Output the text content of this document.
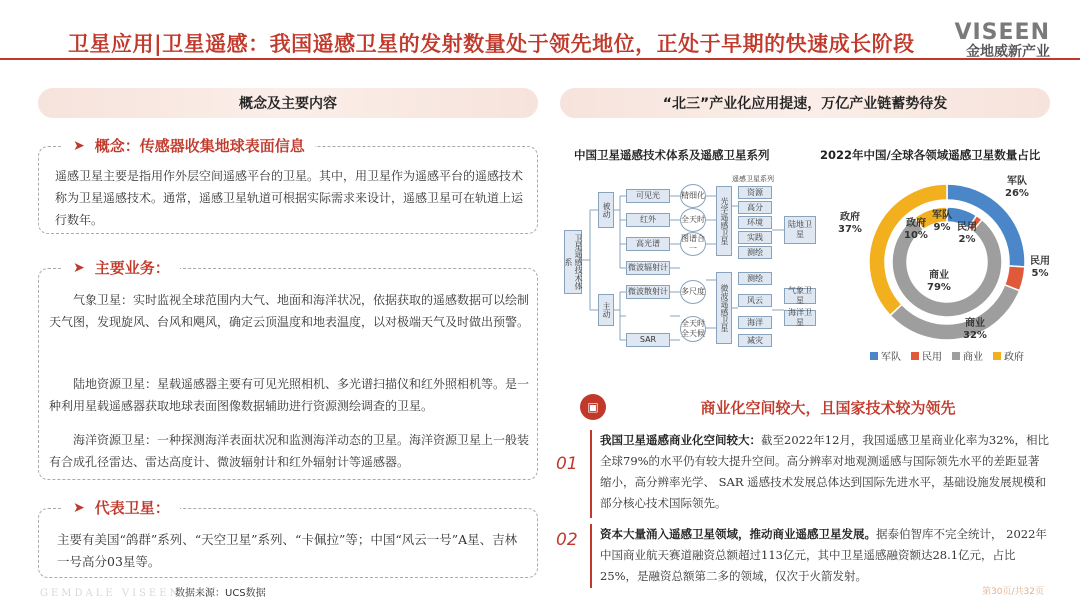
卫星应用|卫星遥感：我国遥感卫星的发射数量处于领先地位，正处于早期的快速成长阶段 VISEEN
金地威新产业
概念及主要内容
➤ 概念：传感器收集地球表面信息
遥感卫星主要是指用作外层空间遥感平台的卫星。其中，用卫星作为遥感平台的遥感技术称为卫星遥感技术。通常，遥感卫星轨道可根据实际需求来设计，遥感卫星可在轨道上运行数年。
➤ 主要业务：
气象卫星：实时监视全球范围内大气、地面和海洋状况，依据获取的遥感数据可以绘制天气图，发现旋风、台风和飓风，确定云顶温度和地表温度，以对极端天气及时做出预警。
陆地资源卫星：星载遥感器主要有可见光照相机、多光谱扫描仪和红外照相机等。是一种利用星载遥感器获取地球表面图像数据辅助进行资源测绘调查的卫星。
海洋资源卫星：一种探测海洋表面状况和监测海洋动态的卫星。海洋资源卫星上一般装有合成孔径雷达、雷达高度计、微波辐射计和红外辐射计等遥感器。
➤ 代表卫星：
主要有美国“鸽群”系列、“天空卫星”系列、“卡佩拉”等；中国“风云一号”A星、吉林一号高分03星等。
GEMDALE VISEEN
数据来源：UCS数据
“北三”产业化应用提速，万亿产业链蓄势待发
中国卫星遥感技术体系及遥感卫星系列	2022年中国/全球各领域遥感卫星数量占比
卫星遥感技术体系
被动
主动
可见光
红外
高光谱
微波辐射计
微波散射计
SAR
精细化
全天时
图谱合一
多尺度
全天时全天候
遥感卫星系列
光学遥感卫星
微波遥感卫星
资源
高分
环境
实践
测绘
测绘
风云
海洋
减灾
陆地卫星
气象卫星
海洋卫星
军队
26%
民用
5%
商业
32%
政府
37%
军队
9% 民用
2%
商业
79%
政府
10%
军队	民用	商业	政府
▣	商业化空间较大，且国家技术较为领先
01
我国卫星遥感商业化空间较大：截至2022年12月，我国遥感卫星商业化率为32%，相比全球79%的水平仍有较大提升空间。高分辨率对地观测遥感与国际领先水平的差距显著缩小，高分辨率光学、 SAR 遥感技术发展总体达到国际先进水平，基础设施发展规模和部分核心技术国际领先。
02 资本大量涌入遥感卫星领域，推动商业遥感卫星发展。据泰伯智库不完全统计， 2022年中国商业航天赛道融资总额超过113亿元，其中卫星遥感融资额达28.1亿元，占比25%，是融资总额第二多的领域，仅次于火箭发射。
第30页/共32页
